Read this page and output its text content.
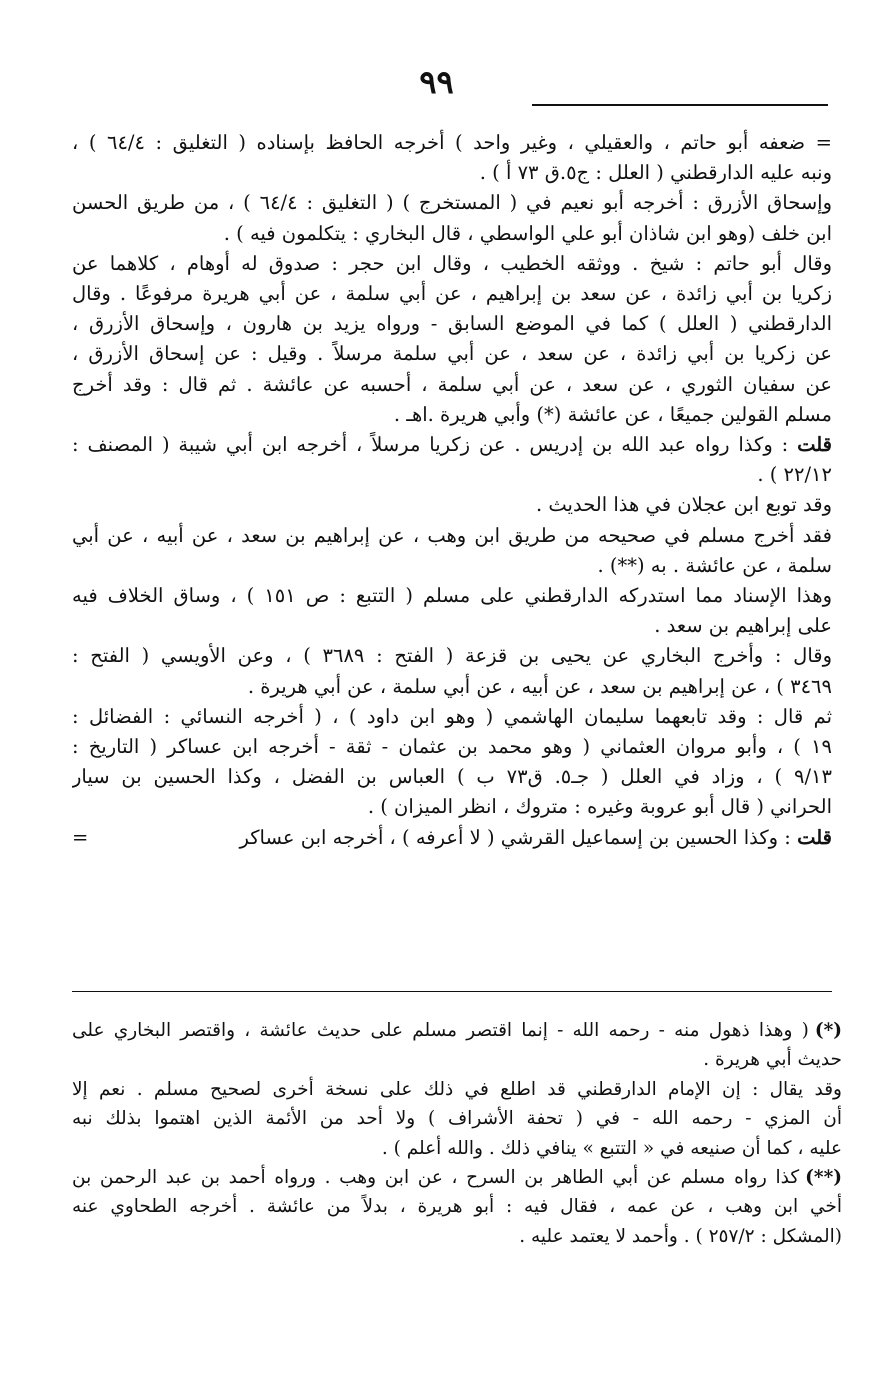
٩٩
= ضعفه أبو حاتم ، والعقيلي ، وغير واحد ) أخرجه الحافظ بإسناده ( التغليق : ٦٤/٤ ) ،
ونبه عليه الدارقطني ( العلل : ج٥.ق ٧٣ أ ) .
وإسحاق الأزرق : أخرجه أبو نعيم في ( المستخرج ) ( التغليق : ٦٤/٤ ) ، من طريق الحسن
ابن خلف (وهو ابن شاذان أبو علي الواسطي ، قال البخاري : يتكلمون فيه ) .
وقال أبو حاتم : شيخ . ووثقه الخطيب ، وقال ابن حجر : صدوق له أوهام ، كلاهما عن
زكريا بن أبي زائدة ، عن سعد بن إبراهيم ، عن أبي سلمة ، عن أبي هريرة مرفوعًا . وقال
الدارقطني ( العلل ) كما في الموضع السابق - ورواه يزيد بن هارون ، وإسحاق الأزرق ،
عن زكريا بن أبي زائدة ، عن سعد ، عن أبي سلمة مرسلاً . وقيل : عن إسحاق الأزرق ،
عن سفيان الثوري ، عن سعد ، عن أبي سلمة ، أحسبه عن عائشة . ثم قال : وقد أخرج
مسلم القولين جميعًا ، عن عائشة (*) وأبي هريرة .اهـ .
قلت : وكذا رواه عبد الله بن إدريس . عن زكريا مرسلاً ، أخرجه ابن أبي شيبة ( المصنف :
٢٢/١٢ ) .
وقد توبع ابن عجلان في هذا الحديث .
فقد أخرج مسلم في صحيحه من طريق ابن وهب ، عن إبراهيم بن سعد ، عن أبيه ، عن أبي
سلمة ، عن عائشة . به (**) .
وهذا الإسناد مما استدركه الدارقطني على مسلم ( التتبع : ص ١٥١ ) ، وساق الخلاف فيه
على إبراهيم بن سعد .
وقال : وأخرج البخاري عن يحيى بن قزعة ( الفتح : ٣٦٨٩ ) ، وعن الأويسي ( الفتح :
٣٤٦٩ ) ، عن إبراهيم بن سعد ، عن أبيه ، عن أبي سلمة ، عن أبي هريرة .
ثم قال : وقد تابعهما سليمان الهاشمي ( وهو ابن داود ) ، ( أخرجه النسائي : الفضائل :
١٩ ) ، وأبو مروان العثماني ( وهو محمد بن عثمان - ثقة - أخرجه ابن عساكر ( التاريخ :
٩/١٣ ) ، وزاد في العلل ( جـ٥. ق٧٣ ب ) العباس بن الفضل ، وكذا الحسين بن سيار
الحراني ( قال أبو عروبة وغيره : متروك ، انظر الميزان ) .
قلت : وكذا الحسين بن إسماعيل القرشي ( لا أعرفه ) ، أخرجه ابن عساكر
=
(*)( وهذا ذهول منه - رحمه الله - إنما اقتصر مسلم على حديث عائشة ، واقتصر البخاري على
حديث أبي هريرة .
وقد يقال : إن الإمام الدارقطني قد اطلع في ذلك على نسخة أخرى لصحيح مسلم . نعم إلا
أن المزي - رحمه الله - في ( تحفة الأشراف ) ولا أحد من الأئمة الذين اهتموا بذلك نبه
عليه ، كما أن صنيعه في « التتبع » ينافي ذلك . والله أعلم ) .
(**)كذا رواه مسلم عن أبي الطاهر بن السرح ، عن ابن وهب . ورواه أحمد بن عبد الرحمن بن
أخي ابن وهب ، عن عمه ، فقال فيه : أبو هريرة ، بدلاً من عائشة . أخرجه الطحاوي عنه
(المشكل : ٢٥٧/٢ ) . وأحمد لا يعتمد عليه .
